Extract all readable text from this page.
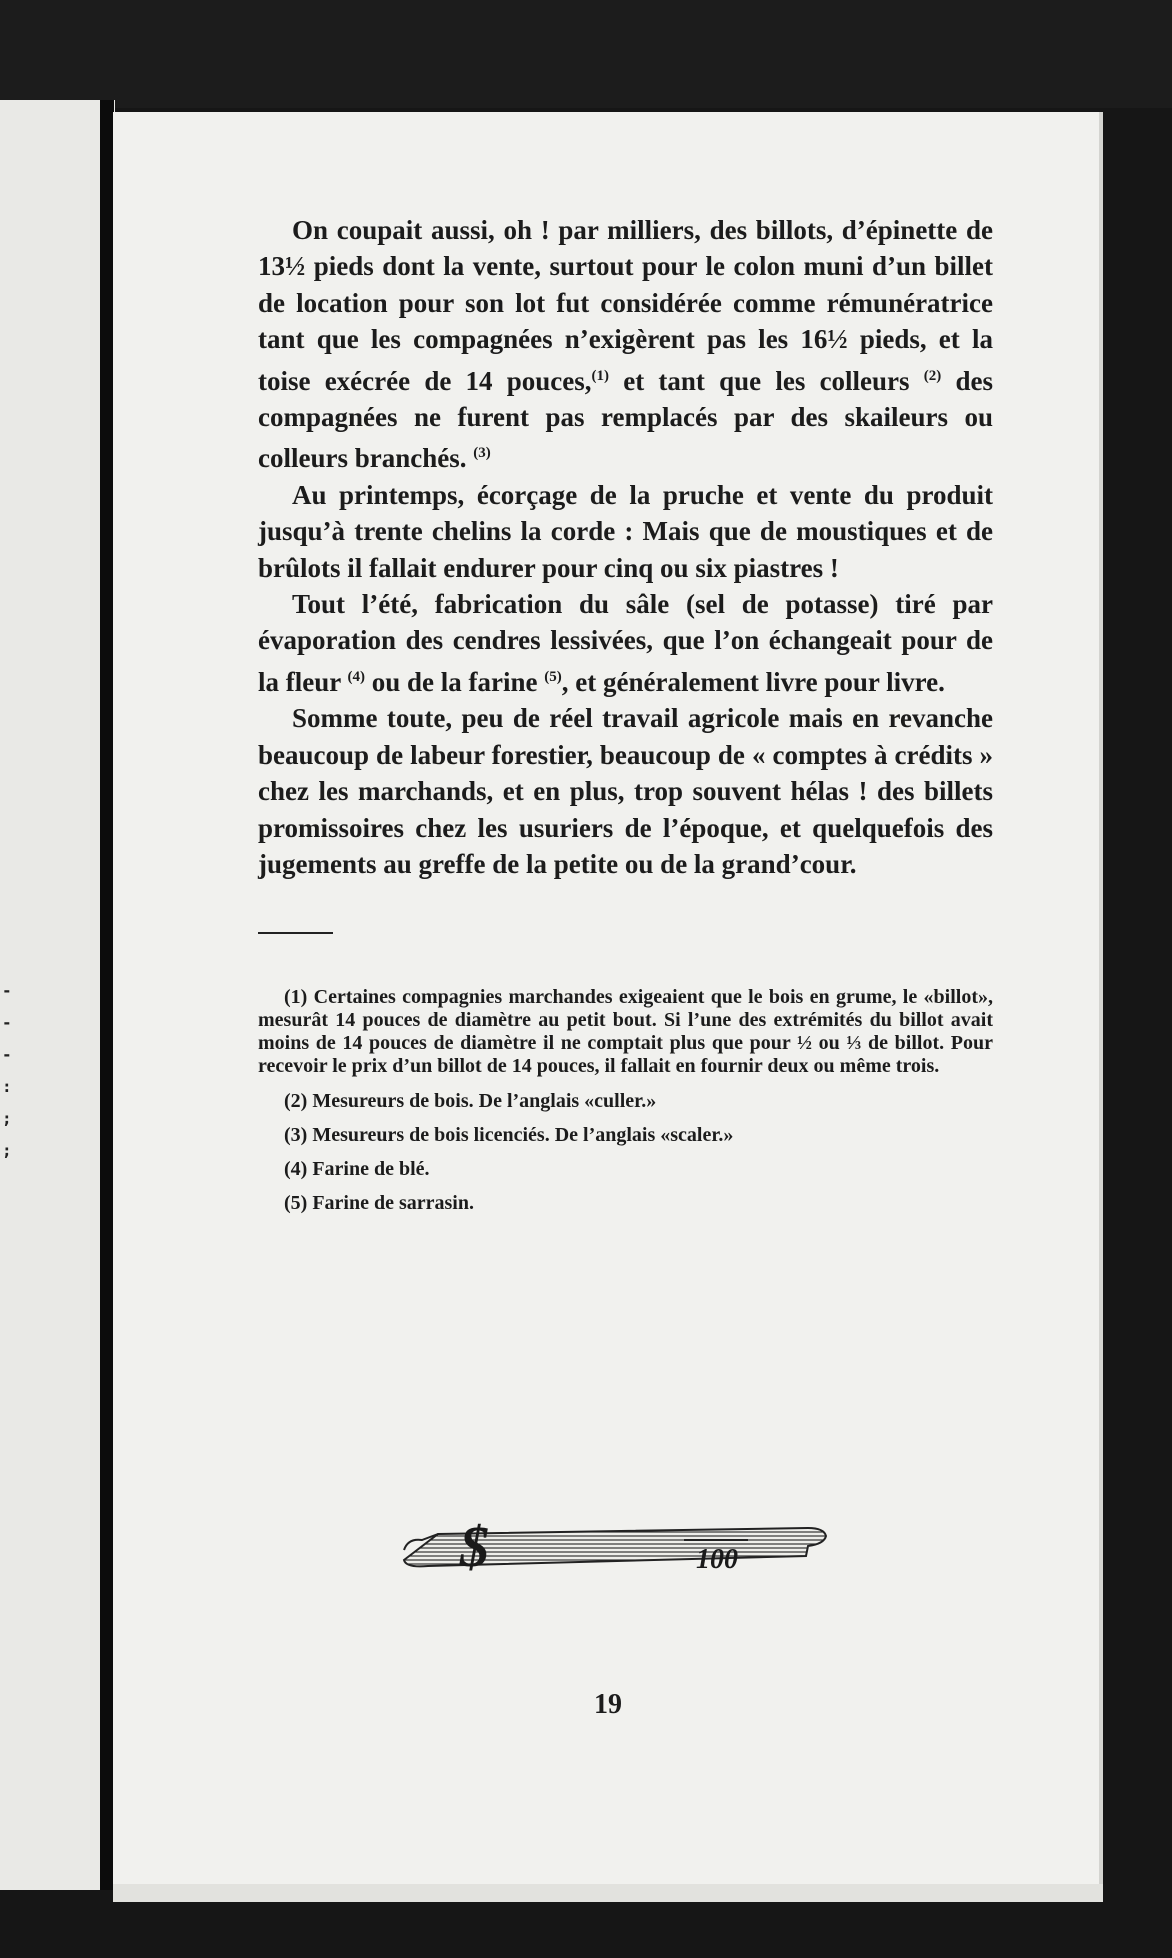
-
-
-
:
;
;

On coupait aussi, oh ! par milliers, des billots, d’épinette de 13½ pieds dont la vente, surtout pour le colon muni d’un billet de location pour son lot fut considérée comme rémunératrice tant que les compagnées n’exigèrent pas les 16½ pieds, et la toise exécrée de 14 pouces,$^{(1)}$ et tant que les colleurs $^{(2)}$ des compagnées ne furent pas remplacés par des skaileurs ou colleurs branchés. $^{(3)}$

Au printemps, écorçage de la pruche et vente du produit jusqu’à trente chelins la corde : Mais que de moustiques et de brûlots il fallait endurer pour cinq ou six piastres !

Tout l’été, fabrication du sâle (sel de potasse) tiré par évaporation des cendres lessivées, que l’on échangeait pour de la fleur $^{(4)}$ ou de la farine $^{(5)}$, et généralement livre pour livre.

Somme toute, peu de réel travail agricole mais en revanche beaucoup de labeur forestier, beaucoup de « comptes à crédits » chez les marchands, et en plus, trop souvent hélas ! des billets promissoires chez les usuriers de l’époque, et quelquefois des jugements au greffe de la petite ou de la grand’cour.

(1) Certaines compagnies marchandes exigeaient que le bois en grume, le «billot», mesurât 14 pouces de diamètre au petit bout. Si l’une des extrémités du billot avait moins de 14 pouces de diamètre il ne comptait plus que pour ½ ou ⅓ de billot. Pour recevoir le prix d’un billot de 14 pouces, il fallait en fournir deux ou même trois.
(2) Mesureurs de bois. De l’anglais «culler.»
(3) Mesureurs de bois licenciés. De l’anglais «scaler.»
(4) Farine de blé.
(5) Farine de sarrasin.
$	100
19
